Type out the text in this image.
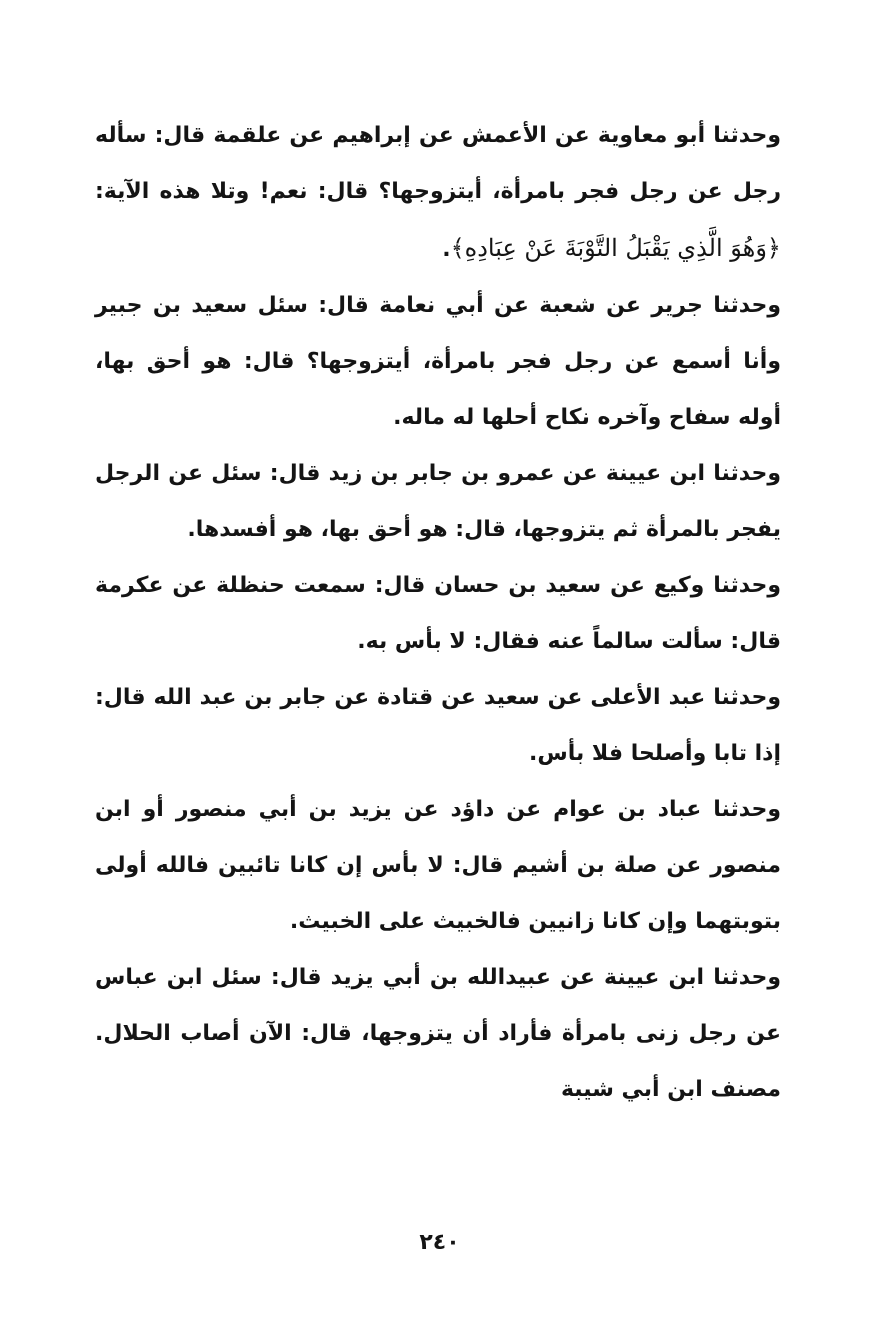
وحدثنا أبو معاوية عن الأعمش عن إبراهيم عن علقمة قال: سأله رجل عن رجل فجر بامرأة، أيتزوجها؟ قال: نعم! وتلا هذه الآية: ﴿وَهُوَ الَّذِي يَقْبَلُ التَّوْبَةَ عَنْ عِبَادِهِ﴾.

وحدثنا جرير عن شعبة عن أبي نعامة قال: سئل سعيد بن جبير وأنا أسمع عن رجل فجر بامرأة، أيتزوجها؟ قال: هو أحق بها، أوله سفاح وآخره نكاح أحلها له ماله.

وحدثنا ابن عيينة عن عمرو بن جابر بن زيد قال: سئل عن الرجل يفجر بالمرأة ثم يتزوجها، قال: هو أحق بها، هو أفسدها.

وحدثنا وكيع عن سعيد بن حسان قال: سمعت حنظلة عن عكرمة قال: سألت سالماً عنه فقال: لا بأس به.

وحدثنا عبد الأعلى عن سعيد عن قتادة عن جابر بن عبد الله قال: إذا تابا وأصلحا فلا بأس.

وحدثنا عباد بن عوام عن داؤد عن يزيد بن أبي منصور أو ابن منصور عن صلة بن أشيم قال: لا بأس إن كانا تائبين فالله أولى بتوبتهما وإن كانا زانيين فالخبيث على الخبيث.

وحدثنا ابن عيينة عن عبيدالله بن أبي يزيد قال: سئل ابن عباس عن رجل زنى بامرأة فأراد أن يتزوجها، قال: الآن أصاب الحلال. مصنف ابن أبي شيبة

٢٤٠
